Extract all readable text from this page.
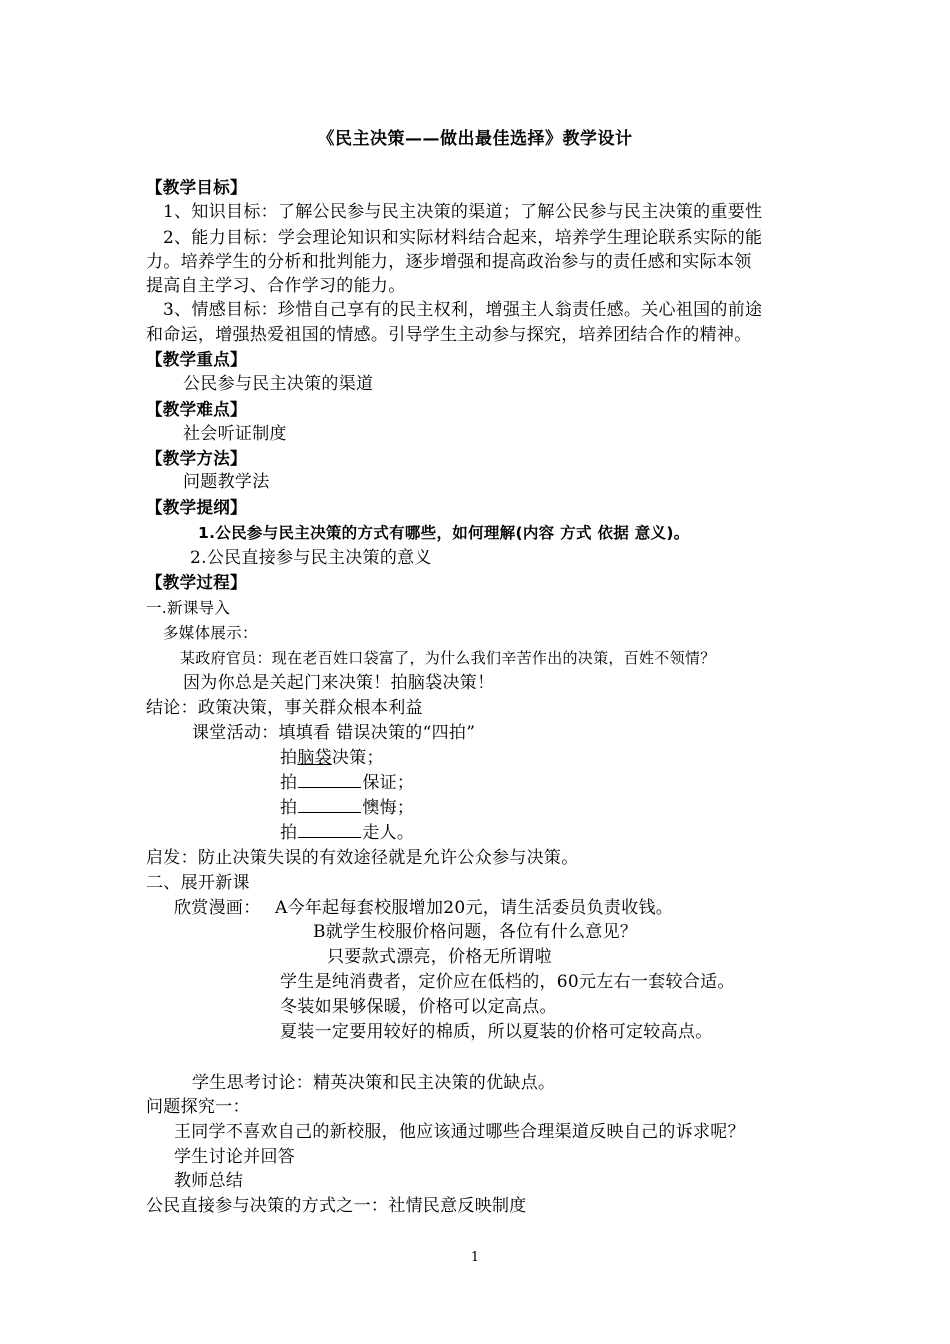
《民主决策——做出最佳选择》教学设计
【教学目标】
1、知识目标：了解公民参与民主决策的渠道；了解公民参与民主决策的重要性
2、能力目标：学会理论知识和实际材料结合起来，培养学生理论联系实际的能
力。培养学生的分析和批判能力，逐步增强和提高政治参与的责任感和实际本领
提高自主学习、合作学习的能力。
3、情感目标：珍惜自己享有的民主权利，增强主人翁责任感。关心祖国的前途
和命运，增强热爱祖国的情感。引导学生主动参与探究，培养团结合作的精神。
【教学重点】
公民参与民主决策的渠道
【教学难点】
社会听证制度
【教学方法】
问题教学法
【教学提纲】
1.公民参与民主决策的方式有哪些，如何理解(内容 方式 依据 意义)。
2.公民直接参与民主决策的意义
【教学过程】
一.新课导入
多媒体展示：
某政府官员：现在老百姓口袋富了，为什么我们辛苦作出的决策，百姓不领情？
因为你总是关起门来决策！拍脑袋决策！
结论：政策决策，事关群众根本利益
课堂活动：填填看 错误决策的“四拍”
拍脑袋决策；
拍	保证；
拍	懊悔；
拍	走人。
启发：防止决策失误的有效途径就是允许公众参与决策。
二、展开新课
欣赏漫画： A今年起每套校服增加20元，请生活委员负责收钱。
B就学生校服价格问题，各位有什么意见？
只要款式漂亮，价格无所谓啦
学生是纯消费者，定价应在低档的，60元左右一套较合适。
冬装如果够保暖，价格可以定高点。
夏装一定要用较好的棉质，所以夏装的价格可定较高点。
学生思考讨论：精英决策和民主决策的优缺点。
问题探究一：
王同学不喜欢自己的新校服，他应该通过哪些合理渠道反映自己的诉求呢？
学生讨论并回答
教师总结
公民直接参与决策的方式之一：社情民意反映制度
1
